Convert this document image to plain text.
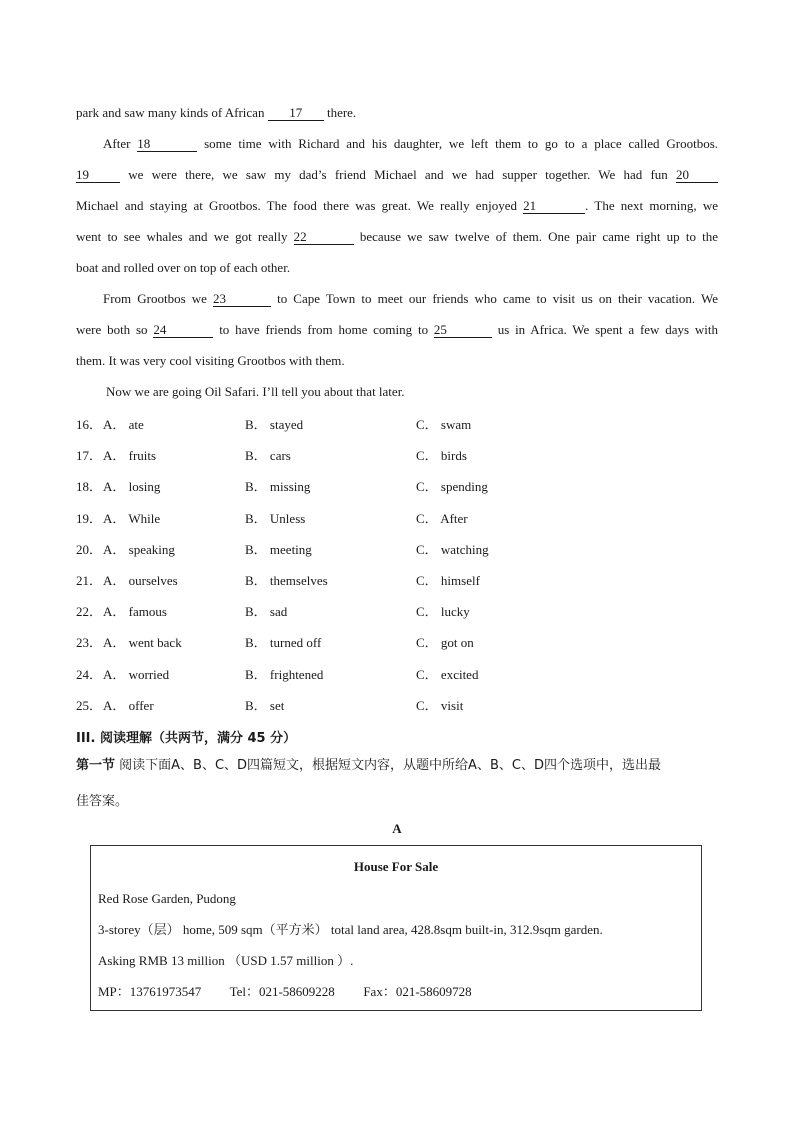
park and saw many kinds of African 17 there.
After 18	some time with Richard and his daughter, we left them to go to a place called Grootbos.
19	we were there, we saw my dad’s friend Michael and we had supper together. We had fun 20
Michael and staying at Grootbos. The food there was great. We really enjoyed 21	. The next morning, we
went to see whales and we got really 22	because we saw twelve of them. One pair came right up to the
boat and rolled over on top of each other.
From Grootbos we 23	to Cape Town to meet our friends who came to visit us on their vacation. We
were both so 24	to have friends from home coming to 25	us in Africa. We spent a few days with
them. It was very cool visiting Grootbos with them.
Now we are going Oil Safari. I’ll tell you about that later.
16． A． ate	B． stayed	C． swam
17． A． fruits	B． cars	C． birds
18． A． losing	B． missing	C． spending
19． A． While	B． Unless	C． After
20． A． speaking	B． meeting	C． watching
21． A． ourselves	B． themselves	C． himself
22． A． famous	B． sad	C． lucky
23． A． went back	B． turned off	C． got on
24． A． worried	B． frightened	C． excited
25． A． offer	B． set	C． visit
III. 阅读理解（共两节，满分 45 分）
第一节 阅读下面A、B、C、D四篇短文，根据短文内容，从题中所给A、B、C、D四个选项中，选出最
佳答案。
A
House For Sale
Red Rose Garden, Pudong
3-storey（层） home, 509 sqm（平方米） total land area, 428.8sqm built-in, 312.9sqm garden.
Asking RMB 13 million （USD 1.57 million ）.
MP：13761973547 Tel：021-58609228 Fax：021-58609728
